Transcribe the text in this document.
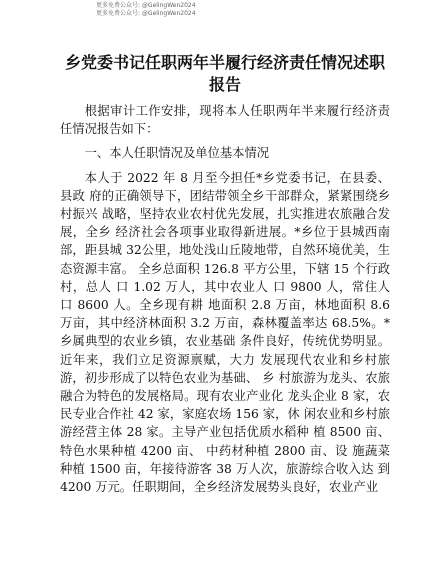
更多免费公众号: @GelingWen2024
更多免费公众号: @GelingWen2024
乡党委书记任职两年半履行经济责任情况述职报告

根据审计工作安排，现将本人任职两年半来履行经济责任情况报告如下：

一、本人任职情况及单位基本情况

本人于 2022 年 8 月至今担任*乡党委书记，在县委、县政 府的正确领导下，团结带领全乡干部群众，紧紧围绕乡村振兴 战略，坚持农业农村优先发展，扎实推进农旅融合发展，全乡 经济社会各项事业取得新进展。*乡位于县城西南部，距县城 32公里，地处浅山丘陵地带，自然环境优美，生态资源丰富。 全乡总面积 126.8 平方公里，下辖 15 个行政村，总人 口 1.02 万人，其中农业人 口 9800 人，常住人 口 8600 人。全乡现有耕 地面积 2.8 万亩，林地面积 8.6 万亩，其中经济林面积 3.2 万亩，森林覆盖率达 68.5%。*乡属典型的农业乡镇，农业基础 条件良好，传统优势明显。近年来，我们立足资源禀赋，大力 发展现代农业和乡村旅游，初步形成了以特色农业为基础、 乡 村旅游为龙头、农旅融合为特色的发展格局。现有农业产业化 龙头企业 8 家，农民专业合作社 42 家，家庭农场 156 家，休 闲农业和乡村旅游经营主体 28 家。主导产业包括优质水稻种 植 8500 亩、特色水果种植 4200 亩、 中药材种植 2800 亩、设 施蔬菜种植 1500 亩，年接待游客 38 万人次，旅游综合收入达 到 4200 万元。任职期间，全乡经济发展势头良好，农业产业
